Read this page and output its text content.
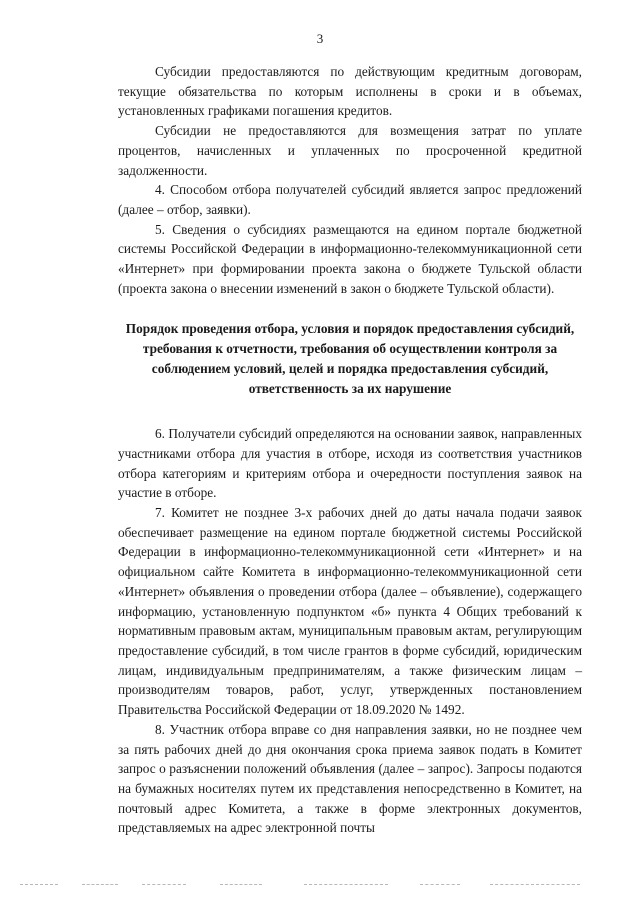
3

Субсидии предоставляются по действующим кредитным договорам, текущие обязательства по которым исполнены в сроки и в объемах, установленных графиками погашения кредитов.

Субсидии не предоставляются для возмещения затрат по уплате процентов, начисленных и уплаченных по просроченной кредитной задолженности.

4. Способом отбора получателей субсидий является запрос предложений (далее – отбор, заявки).

5. Сведения о субсидиях размещаются на едином портале бюджетной системы Российской Федерации в информационно-телекоммуникационной сети «Интернет» при формировании проекта закона о бюджете Тульской области (проекта закона о внесении изменений в закон о бюджете Тульской области).

Порядок проведения отбора, условия и порядок предоставления субсидий, требования к отчетности, требования об осуществлении контроля за соблюдением условий, целей и порядка предоставления субсидий, ответственность за их нарушение

6. Получатели субсидий определяются на основании заявок, направленных участниками отбора для участия в отборе, исходя из соответствия участников отбора категориям и критериям отбора и очередности поступления заявок на участие в отборе.

7. Комитет не позднее 3-х рабочих дней до даты начала подачи заявок обеспечивает размещение на едином портале бюджетной системы Российской Федерации в информационно-телекоммуникационной сети «Интернет» и на официальном сайте Комитета в информационно-телекоммуникационной сети «Интернет» объявления о проведении отбора (далее – объявление), содержащего информацию, установленную подпунктом «б» пункта 4 Общих требований к нормативным правовым актам, муниципальным правовым актам, регулирующим предоставление субсидий, в том числе грантов в форме субсидий, юридическим лицам, индивидуальным предпринимателям, а также физическим лицам – производителям товаров, работ, услуг, утвержденных постановлением Правительства Российской Федерации от 18.09.2020 № 1492.

8. Участник отбора вправе со дня направления заявки, но не позднее чем за пять рабочих дней до дня окончания срока приема заявок подать в Комитет запрос о разъяснении положений объявления (далее – запрос). Запросы подаются на бумажных носителях путем их представления непосредственно в Комитет, на почтовый адрес Комитета, а также в форме электронных документов, представляемых на адрес электронной почты
